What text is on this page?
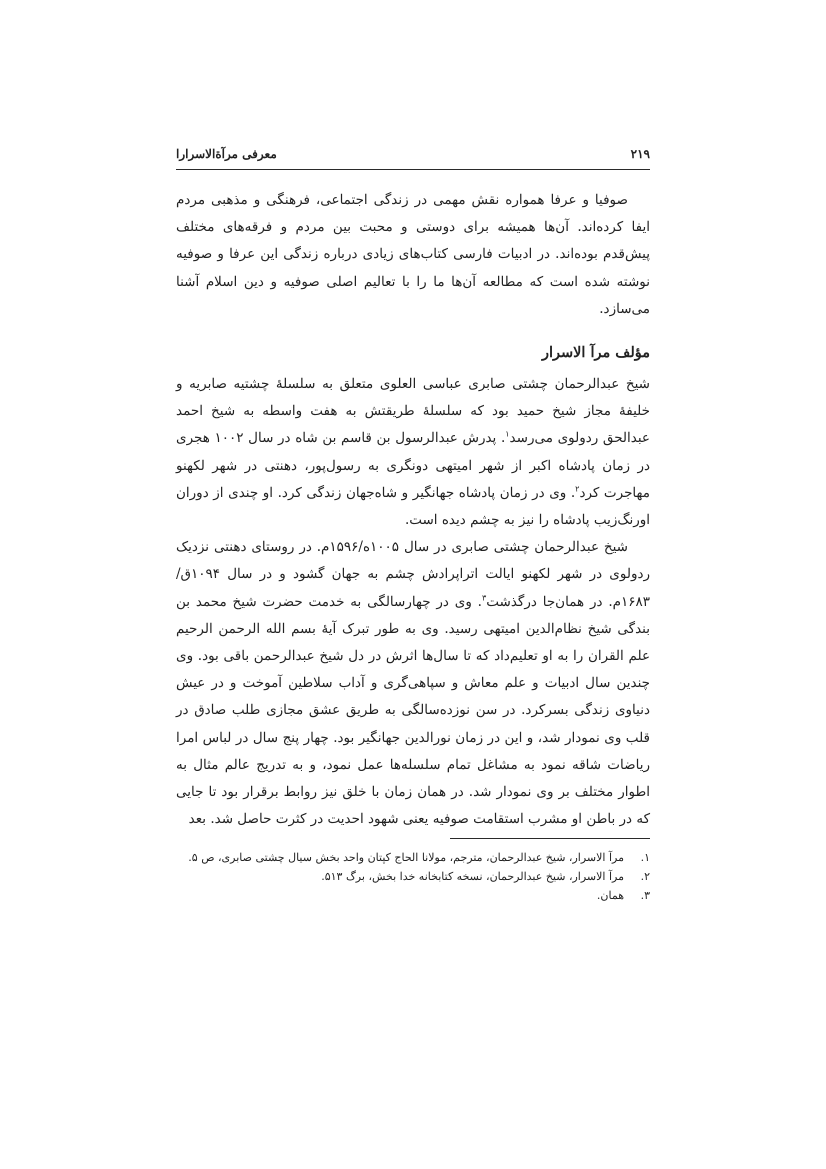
۲۱۹
معرفی مرآةالاسرارا

صوفیا و عرفا همواره نقش مهمی در زندگی اجتماعی، فرهنگی و مذهبی مردم ایفا کرده‌اند. آن‌ها همیشه برای دوستی و محبت بین مردم و فرقه‌های مختلف پیش‌قدم بوده‌اند. در ادبیات فارسی کتاب‌های زیادی درباره زندگی این عرفا و صوفیه نوشته شده است که مطالعه آن‌ها ما را با تعالیم اصلی صوفیه و دین اسلام آشنا می‌سازد.

مؤلف مرآ الاسرار

شیخ عبدالرحمان چشتی صابری عباسی العلوی متعلق به سلسلهٔ چشتیه صابریه و خلیفهٔ مجاز شیخ حمید بود که سلسلهٔ طریقتش به هفت واسطه به شیخ احمد عبدالحق ردولوی می‌رسد$^۱$. پدرش عبدالرسول بن قاسم بن شاه در سال ۱۰۰۲ هجری در زمان پادشاه اکبر از شهر امیتهی دونگری به رسول‌پور، دهنتی در شهر لکهنو مهاجرت کرد$^۲$. وی در زمان پادشاه جهانگیر و شاه‌جهان زندگی کرد. او چندی از دوران اورنگ‌زیب پادشاه را نیز به چشم دیده است.

شیخ عبدالرحمان چشتی صابری در سال ۱۰۰۵ه/۱۵۹۶م. در روستای دهنتی نزدیک ردولوی در شهر لکهنو ایالت اتراپرادش چشم به جهان گشود و در سال ۱۰۹۴ق/ ۱۶۸۳م. در همان‌جا درگذشت$^۳$. وی در چهارسالگی به خدمت حضرت شیخ محمد بن بندگی شیخ نظام‌الدین امیتهی رسید. وی به طور تبرک آیهٔ بسم الله الرحمن الرحیم علم القران را به او تعلیم‌داد که تا سال‌ها اثرش در دل شیخ عبدالرحمن باقی بود. وی چندین سال ادبیات و علم معاش و سپاهی‌گری و آداب سلاطین آموخت و در عیش دنیاوی زندگی بسرکرد. در سن نوزده‌سالگی به طریق عشق مجازی طلب صادق در قلب وی نمودار شد، و این در زمان نورالدین جهانگیر بود. چهار پنج سال در لباس امرا ریاضات شاقه نمود به مشاغل تمام سلسله‌ها عمل نمود، و به تدریج عالم مثال به اطوار مختلف بر وی نمودار شد. در همان زمان با خلق نیز روابط برقرار بود تا جایی که در باطن او مشرب استقامت صوفیه یعنی شهود احدیت در کثرت حاصل شد. بعد

۱.
مرآ الاسرار، شیخ عبدالرحمان، مترجم، مولانا الحاج کپتان واحد بخش سیال چشتی صابری، ص ۵.
۲.
مرآ الاسرار، شیخ عبدالرحمان، نسخه کتابخانه خدا بخش، برگ ۵۱۳.
۳.
همان.
